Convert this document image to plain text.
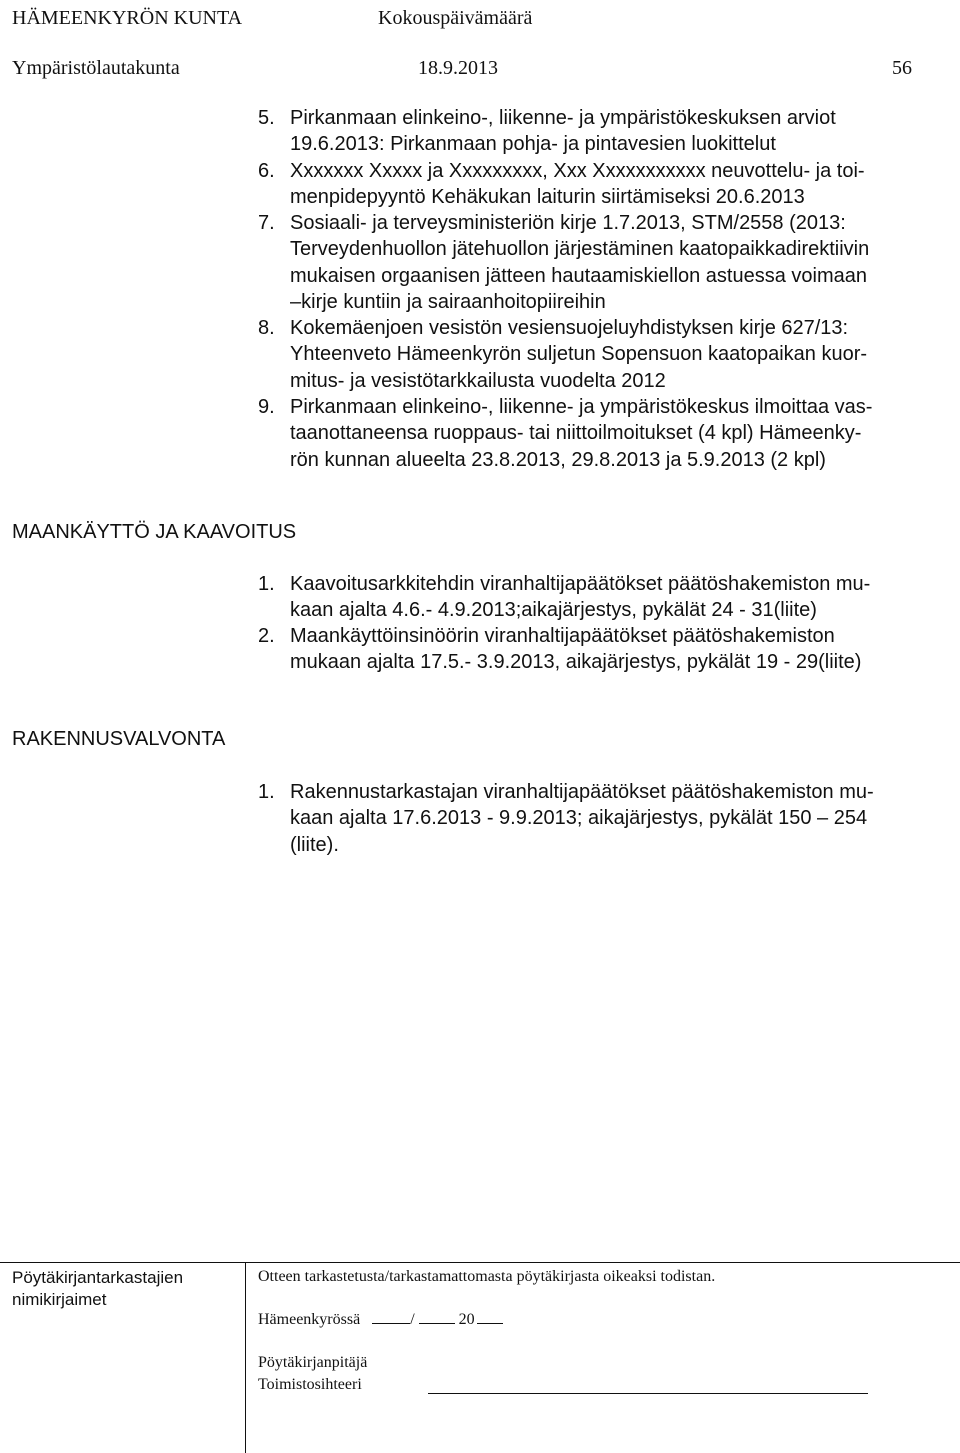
HÄMEENKYRÖN KUNTA	Kokouspäivämäärä
Ympäristölautakunta	18.9.2013	56
5. Pirkanmaan elinkeino-, liikenne- ja ympäristökeskuksen arviot
19.6.2013: Pirkanmaan pohja- ja pintavesien luokittelut
6. Xxxxxxx Xxxxx ja Xxxxxxxxx, Xxx Xxxxxxxxxxx neuvottelu- ja toi-
menpidepyyntö Kehäkukan laiturin siirtämiseksi 20.6.2013
7. Sosiaali- ja terveysministeriön kirje 1.7.2013, STM/2558 (2013:
Terveydenhuollon jätehuollon järjestäminen kaatopaikkadirektiivin
mukaisen orgaanisen jätteen hautaamiskiellon astuessa voimaan
–kirje kuntiin ja sairaanhoitopiireihin
8. Kokemäenjoen vesistön vesiensuojeluyhdistyksen kirje 627/13:
Yhteenveto Hämeenkyrön suljetun Sopensuon kaatopaikan kuor-
mitus- ja vesistötarkkailusta vuodelta 2012
9. Pirkanmaan elinkeino-, liikenne- ja ympäristökeskus ilmoittaa vas-
taanottaneensa ruoppaus- tai niittoilmoitukset (4 kpl) Hämeenky-
rön kunnan alueelta 23.8.2013, 29.8.2013 ja 5.9.2013 (2 kpl)
MAANKÄYTTÖ JA KAAVOITUS
1. Kaavoitusarkkitehdin viranhaltijapäätökset päätöshakemiston mu-
kaan ajalta 4.6.- 4.9.2013;aikajärjestys, pykälät 24 - 31(liite)
2. Maankäyttöinsinöörin viranhaltijapäätökset päätöshakemiston
mukaan ajalta 17.5.- 3.9.2013, aikajärjestys, pykälät 19 - 29(liite)
RAKENNUSVALVONTA
1. Rakennustarkastajan viranhaltijapäätökset päätöshakemiston mu-
kaan ajalta 17.6.2013 - 9.9.2013; aikajärjestys, pykälät 150 – 254
(liite).
Pöytäkirjantarkastajien
nimikirjaimet
Otteen tarkastetusta/tarkastamattomasta pöytäkirjasta oikeaksi todistan.
Hämeenkyrössä	/	20
Pöytäkirjanpitäjä
Toimistosihteeri
